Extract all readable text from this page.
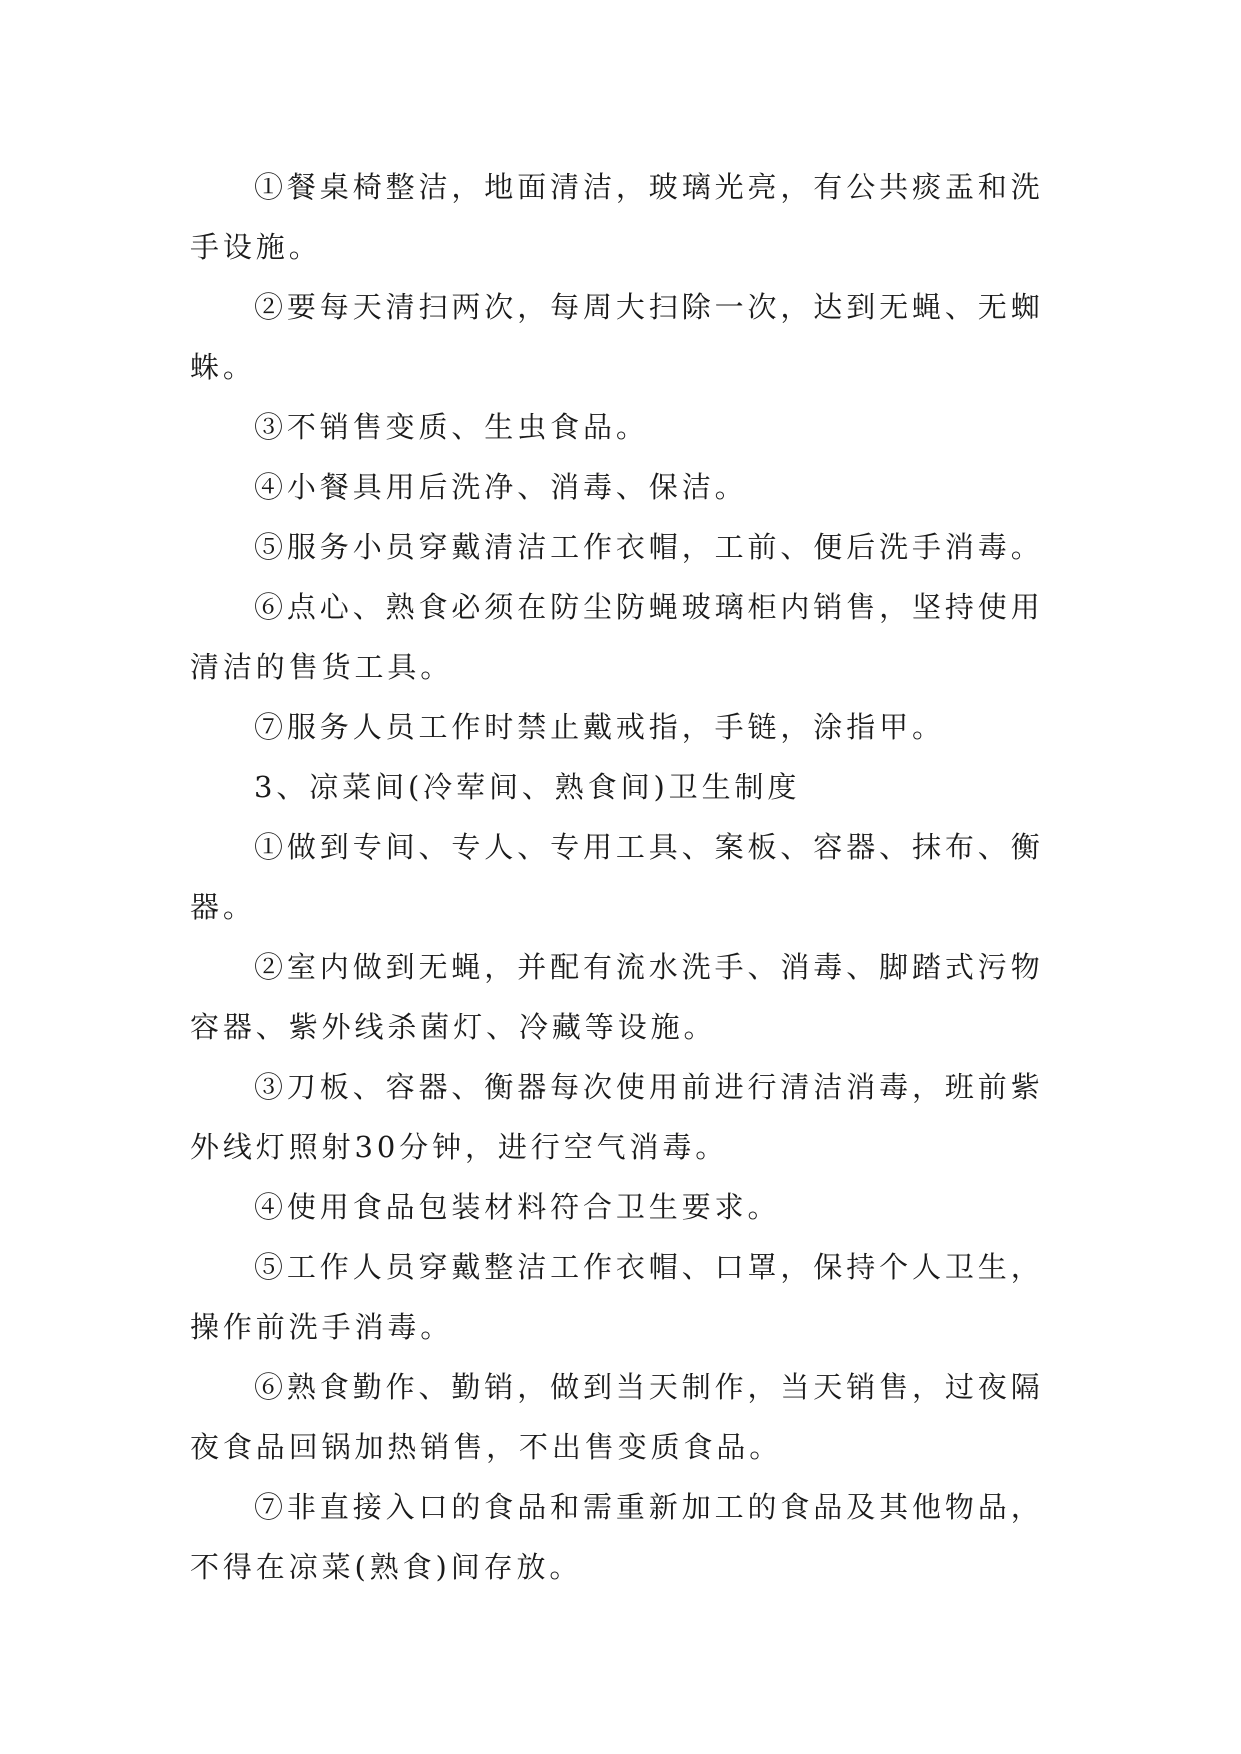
①餐桌椅整洁，地面清洁，玻璃光亮，有公共痰盂和洗手设施。

②要每天清扫两次，每周大扫除一次，达到无蝇、无蜘蛛。

③不销售变质、生虫食品。

④小餐具用后洗净、消毒、保洁。

⑤服务小员穿戴清洁工作衣帽，工前、便后洗手消毒。

⑥点心、熟食必须在防尘防蝇玻璃柜内销售，坚持使用清洁的售货工具。

⑦服务人员工作时禁止戴戒指，手链，涂指甲。

3、凉菜间(冷荤间、熟食间)卫生制度

①做到专间、专人、专用工具、案板、容器、抹布、衡器。

②室内做到无蝇，并配有流水洗手、消毒、脚踏式污物容器、紫外线杀菌灯、冷藏等设施。

③刀板、容器、衡器每次使用前进行清洁消毒，班前紫外线灯照射30分钟，进行空气消毒。

④使用食品包装材料符合卫生要求。

⑤工作人员穿戴整洁工作衣帽、口罩，保持个人卫生，操作前洗手消毒。

⑥熟食勤作、勤销，做到当天制作，当天销售，过夜隔夜食品回锅加热销售，不出售变质食品。

⑦非直接入口的食品和需重新加工的食品及其他物品，不得在凉菜(熟食)间存放。
